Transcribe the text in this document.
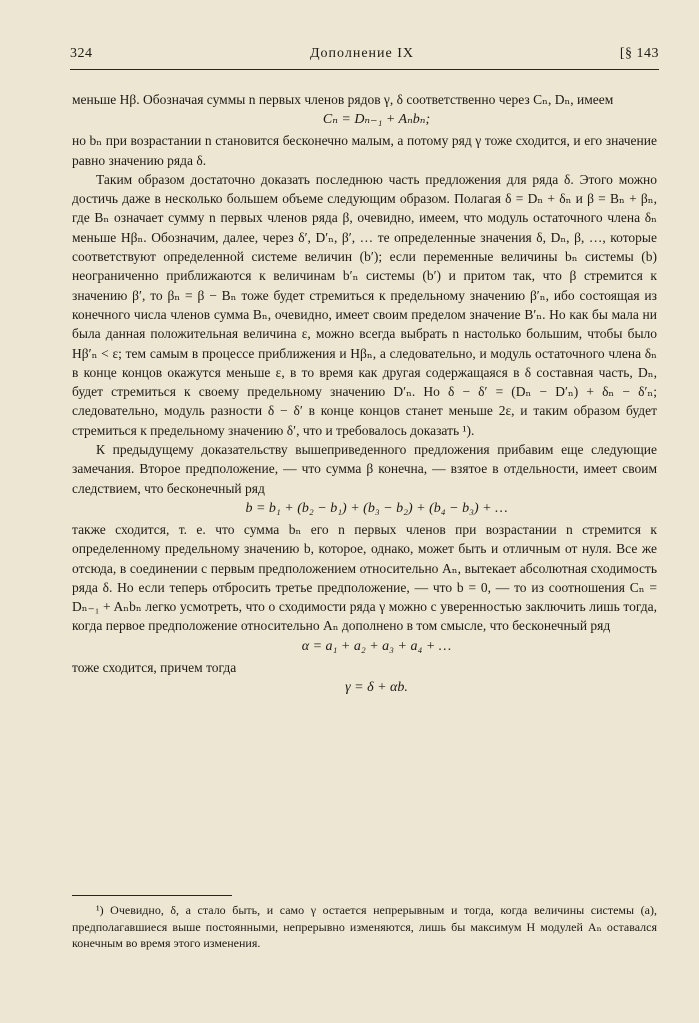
324	Дополнение IX	[§ 143

меньше Hβ. Обозначая суммы n первых членов рядов γ, δ соответственно через Cₙ, Dₙ, имеем

Cₙ = Dₙ₋₁ + Aₙbₙ;

но bₙ при возрастании n становится бесконечно малым, а потому ряд γ тоже сходится, и его значение равно значению ряда δ.

Таким образом достаточно доказать последнюю часть предложения для ряда δ. Этого можно достичь даже в несколько большем объеме следующим образом. Полагая δ = Dₙ + δₙ и β = Bₙ + βₙ, где Bₙ означает сумму n первых членов ряда β, очевидно, имеем, что модуль остаточного члена δₙ меньше Hβₙ. Обозначим, далее, через δ′, D′ₙ, β′, … те определенные значения δ, Dₙ, β, …, которые соответствуют определенной системе величин (b′); если переменные величины bₙ системы (b) неограниченно приближаются к величинам b′ₙ системы (b′) и притом так, что β стремится к значению β′, то βₙ = β − Bₙ тоже будет стремиться к предельному значению β′ₙ, ибо состоящая из конечного числа членов сумма Bₙ, очевидно, имеет своим пределом значение B′ₙ. Но как бы мала ни была данная положительная величина ε, можно всегда выбрать n настолько большим, чтобы было Hβ′ₙ < ε; тем самым в процессе приближения и Hβₙ, а следовательно, и модуль остаточного члена δₙ в конце концов окажутся меньше ε, в то время как другая содержащаяся в δ составная часть, Dₙ, будет стремиться к своему предельному значению D′ₙ. Но δ − δ′ = (Dₙ − D′ₙ) + δₙ − δ′ₙ; следовательно, модуль разности δ − δ′ в конце концов станет меньше 2ε, и таким образом будет стремиться к предельному значению δ′, что и требовалось доказать ¹).

К предыдущему доказательству вышеприведенного предложения прибавим еще следующие замечания. Второе предположение, — что сумма β конечна, — взятое в отдельности, имеет своим следствием, что бесконечный ряд

b = b₁ + (b₂ − b₁) + (b₃ − b₂) + (b₄ − b₃) + …

также сходится, т. е. что сумма bₙ его n первых членов при возрастании n стремится к определенному предельному значению b, которое, однако, может быть и отличным от нуля. Все же отсюда, в соединении с первым предположением относительно Aₙ, вытекает абсолютная сходимость ряда δ. Но если теперь отбросить третье предположение, — что b = 0, — то из соотношения Cₙ = Dₙ₋₁ + Aₙbₙ легко усмотреть, что о сходимости ряда γ можно с уверенностью заключить лишь тогда, когда первое предположение относительно Aₙ дополнено в том смысле, что бесконечный ряд

α = a₁ + a₂ + a₃ + a₄ + …

тоже сходится, причем тогда

γ = δ + αb.

¹) Очевидно, δ, а стало быть, и само γ остается непрерывным и тогда, когда величины системы (a), предполагавшиеся выше постоянными, непрерывно изменяются, лишь бы максимум H модулей Aₙ оставался конечным во время этого изменения.
